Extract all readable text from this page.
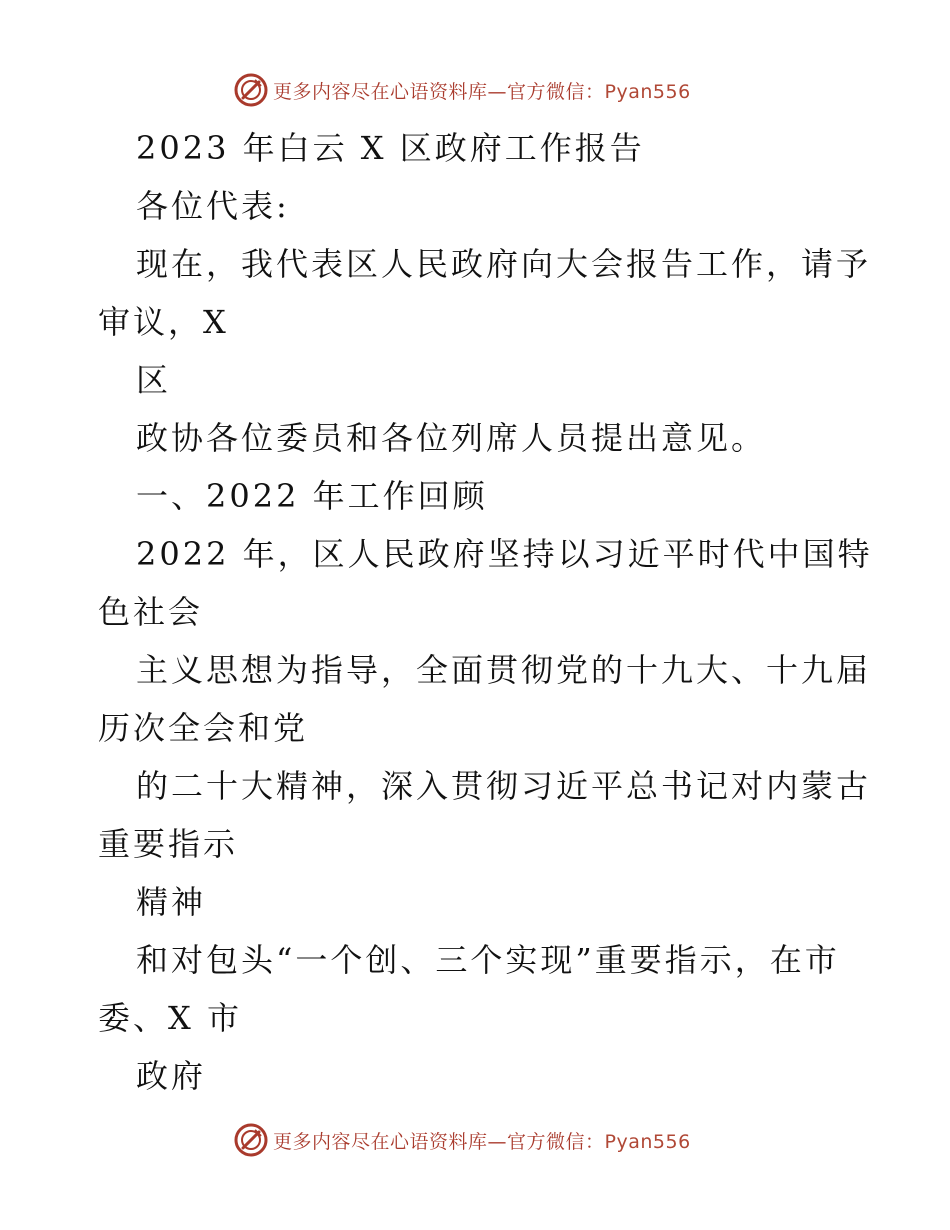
更多内容尽在心语资料库—官方微信：Pyan556
2023 年白云 X 区政府工作报告
各位代表:
现在，我代表区人民政府向大会报告工作，请予
审议，X
区
政协各位委员和各位列席人员提出意见。
一、2022 年工作回顾
2022 年，区人民政府坚持以习近平时代中国特
色社会
主义思想为指导，全面贯彻党的十九大、十九届
历次全会和党
的二十大精神，深入贯彻习近平总书记对内蒙古
重要指示
精神
和对包头“一个创、三个实现”重要指示，在市
委、X 市
政府
更多内容尽在心语资料库—官方微信：Pyan556
